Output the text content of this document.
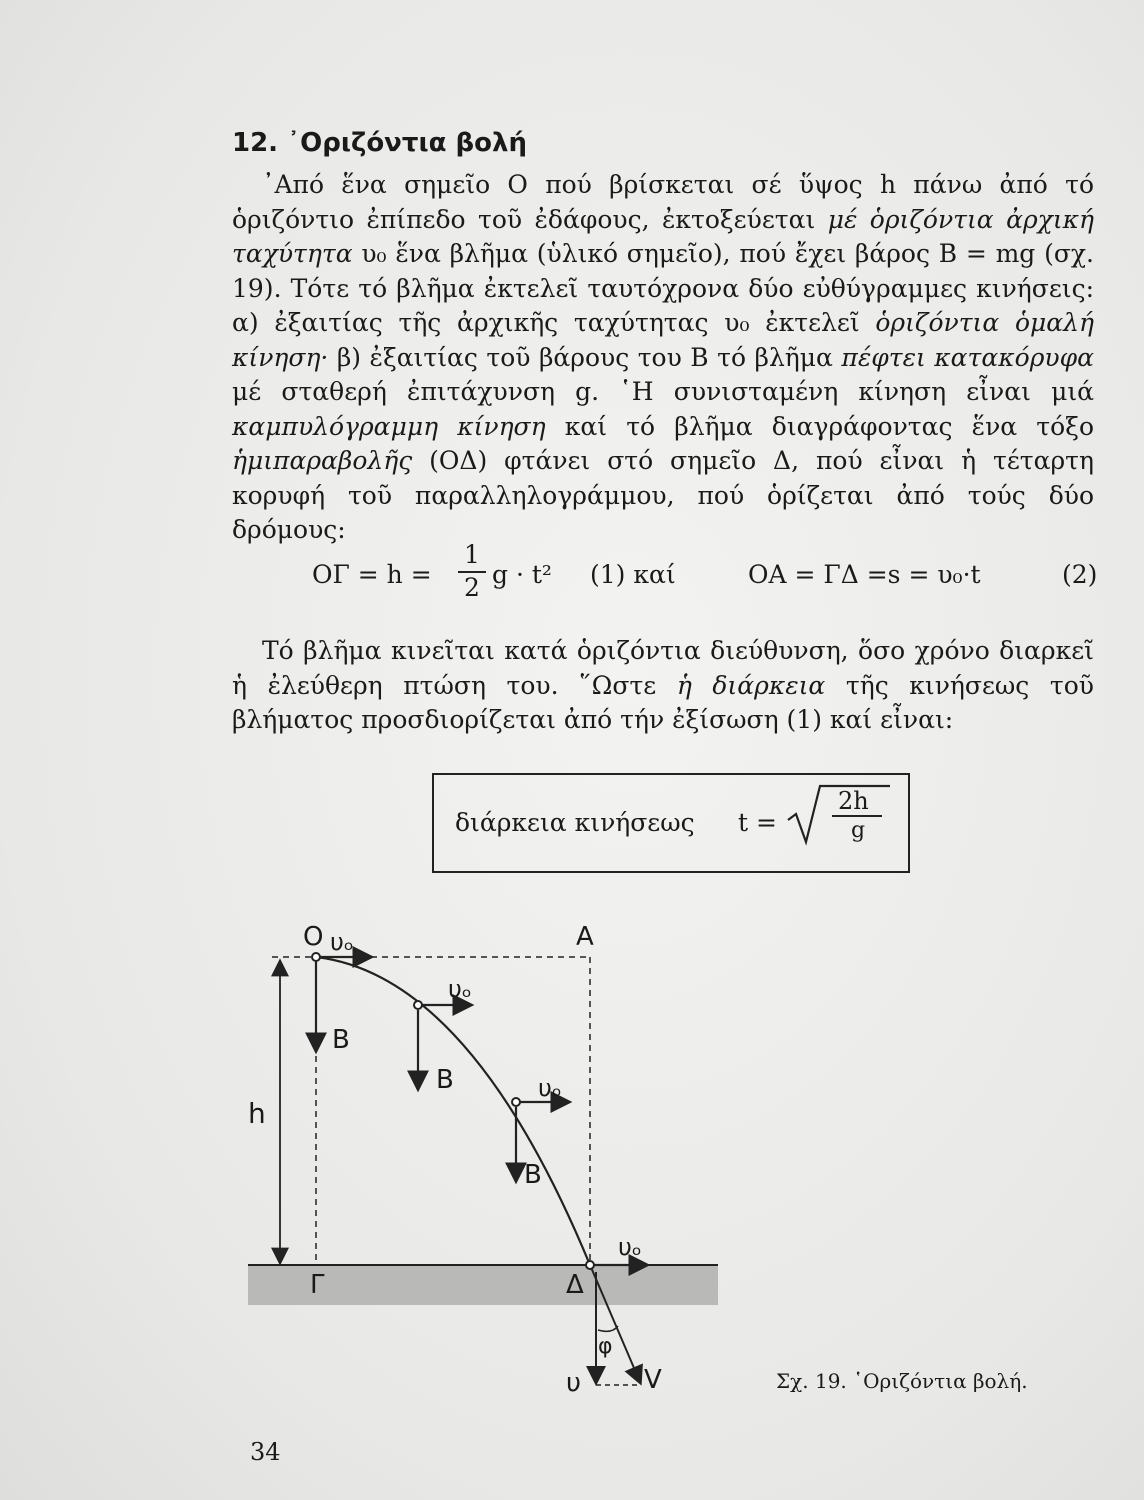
12. ᾽Οριζόντια βολή
᾽Από ἕνα σημεῖο Ο πού βρίσκεται σέ ὕψος h πάνω ἀπό τό ὁριζόντιο ἐπίπεδο τοῦ ἐδάφους, ἐκτοξεύεται μέ ὁριζόντια ἀρχική ταχύτητα υ₀ ἕνα βλῆμα (ὑλικό σημεῖο), πού ἔχει βάρος Β = mg (σχ. 19). Τότε τό βλῆμα ἐκτελεῖ ταυτόχρονα δύο εὐθύγραμμες κινήσεις: α) ἐξαιτίας τῆς ἀρχικῆς ταχύτητας υ₀ ἐκτελεῖ ὁριζόντια ὁμαλή κίνηση· β) ἐξαιτίας τοῦ βάρους του Β τό βλῆμα πέφτει κατακόρυφα μέ σταθερή ἐπιτάχυνση g. ῾Η συνισταμένη κίνηση εἶναι μιά καμπυλόγραμμη κίνηση καί τό βλῆμα διαγράφοντας ἕνα τόξο ἡμιπαραβολῆς (ΟΔ) φτάνει στό σημεῖο Δ, πού εἶναι ἡ τέταρτη κορυφή τοῦ παραλληλογράμμου, πού ὁρίζεται ἀπό τούς δύο δρόμους:
ΟΓ = h =
1
2 g · t² (1) καί	ΟΑ = ΓΔ =s = υ₀·t	(2)
Τό βλῆμα κινεῖται κατά ὁριζόντια διεύθυνση, ὅσο χρόνο διαρκεῖ ἡ ἐλεύθερη πτώση του. ῞Ωστε ἡ διάρκεια τῆς κινήσεως τοῦ βλήματος προσδιορίζεται ἀπό τήν ἐξίσωση (1) καί εἶναι:
διάρκεια κινήσεως t =
2h
g
Ο υₒ	Α
υₒ
υₒ
υₒ
B
B
B
h
Γ	Δ
φ
υ V	Σχ. 19. ῾Οριζόντια βολή.
34
